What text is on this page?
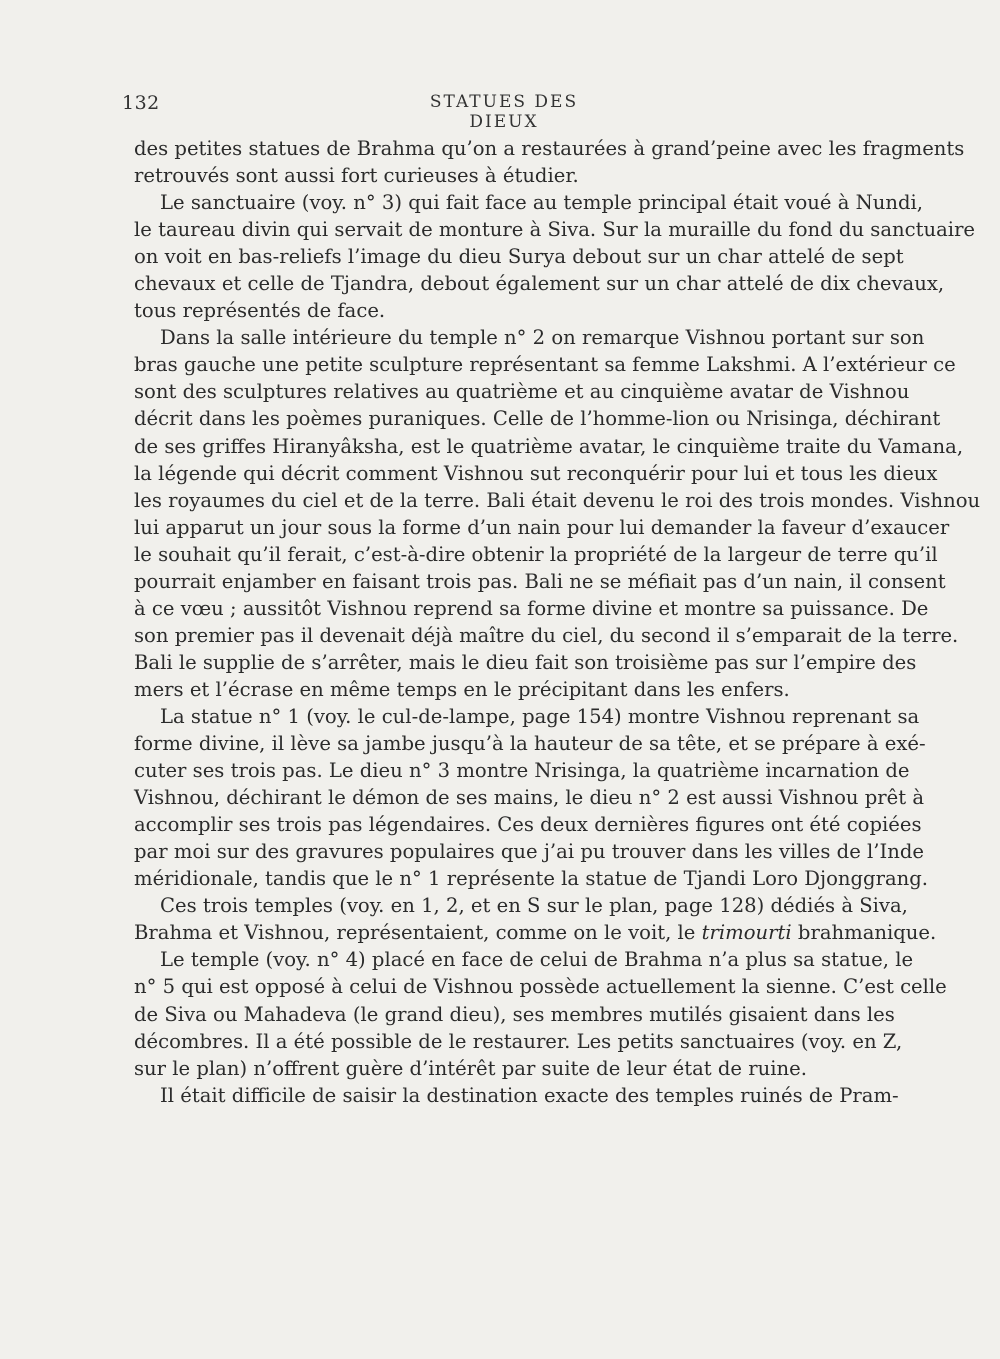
132	STATUES DES DIEUX
des petites statues de Brahma qu’on a restaurées à grand’peine avec les fragments
retrouvés sont aussi fort curieuses à étudier.
Le sanctuaire (voy. n° 3) qui fait face au temple principal était voué à Nundi,
le taureau divin qui servait de monture à Siva. Sur la muraille du fond du sanctuaire
on voit en bas-reliefs l’image du dieu Surya debout sur un char attelé de sept
chevaux et celle de Tjandra, debout également sur un char attelé de dix chevaux,
tous représentés de face.
Dans la salle intérieure du temple n° 2 on remarque Vishnou portant sur son
bras gauche une petite sculpture représentant sa femme Lakshmi. A l’extérieur ce
sont des sculptures relatives au quatrième et au cinquième avatar de Vishnou
décrit dans les poèmes puraniques. Celle de l’homme-lion ou Nrisinga, déchirant
de ses griffes Hiranyâksha, est le quatrième avatar, le cinquième traite du Vamana,
la légende qui décrit comment Vishnou sut reconquérir pour lui et tous les dieux
les royaumes du ciel et de la terre. Bali était devenu le roi des trois mondes. Vishnou
lui apparut un jour sous la forme d’un nain pour lui demander la faveur d’exaucer
le souhait qu’il ferait, c’est-à-dire obtenir la propriété de la largeur de terre qu’il
pourrait enjamber en faisant trois pas. Bali ne se méfiait pas d’un nain, il consent
à ce vœu ; aussitôt Vishnou reprend sa forme divine et montre sa puissance. De
son premier pas il devenait déjà maître du ciel, du second il s’emparait de la terre.
Bali le supplie de s’arrêter, mais le dieu fait son troisième pas sur l’empire des
mers et l’écrase en même temps en le précipitant dans les enfers.
La statue n° 1 (voy. le cul-de-lampe, page 154) montre Vishnou reprenant sa
forme divine, il lève sa jambe jusqu’à la hauteur de sa tête, et se prépare à exé-
cuter ses trois pas. Le dieu n° 3 montre Nrisinga, la quatrième incarnation de
Vishnou, déchirant le démon de ses mains, le dieu n° 2 est aussi Vishnou prêt à
accomplir ses trois pas légendaires. Ces deux dernières figures ont été copiées
par moi sur des gravures populaires que j’ai pu trouver dans les villes de l’Inde
méridionale, tandis que le n° 1 représente la statue de Tjandi Loro Djonggrang.
Ces trois temples (voy. en 1, 2, et en S sur le plan, page 128) dédiés à Siva,
Brahma et Vishnou, représentaient, comme on le voit, le trimourti brahmanique.
Le temple (voy. n° 4) placé en face de celui de Brahma n’a plus sa statue, le
n° 5 qui est opposé à celui de Vishnou possède actuellement la sienne. C’est celle
de Siva ou Mahadeva (le grand dieu), ses membres mutilés gisaient dans les
décombres. Il a été possible de le restaurer. Les petits sanctuaires (voy. en Z,
sur le plan) n’offrent guère d’intérêt par suite de leur état de ruine.
Il était difficile de saisir la destination exacte des temples ruinés de Pram-
